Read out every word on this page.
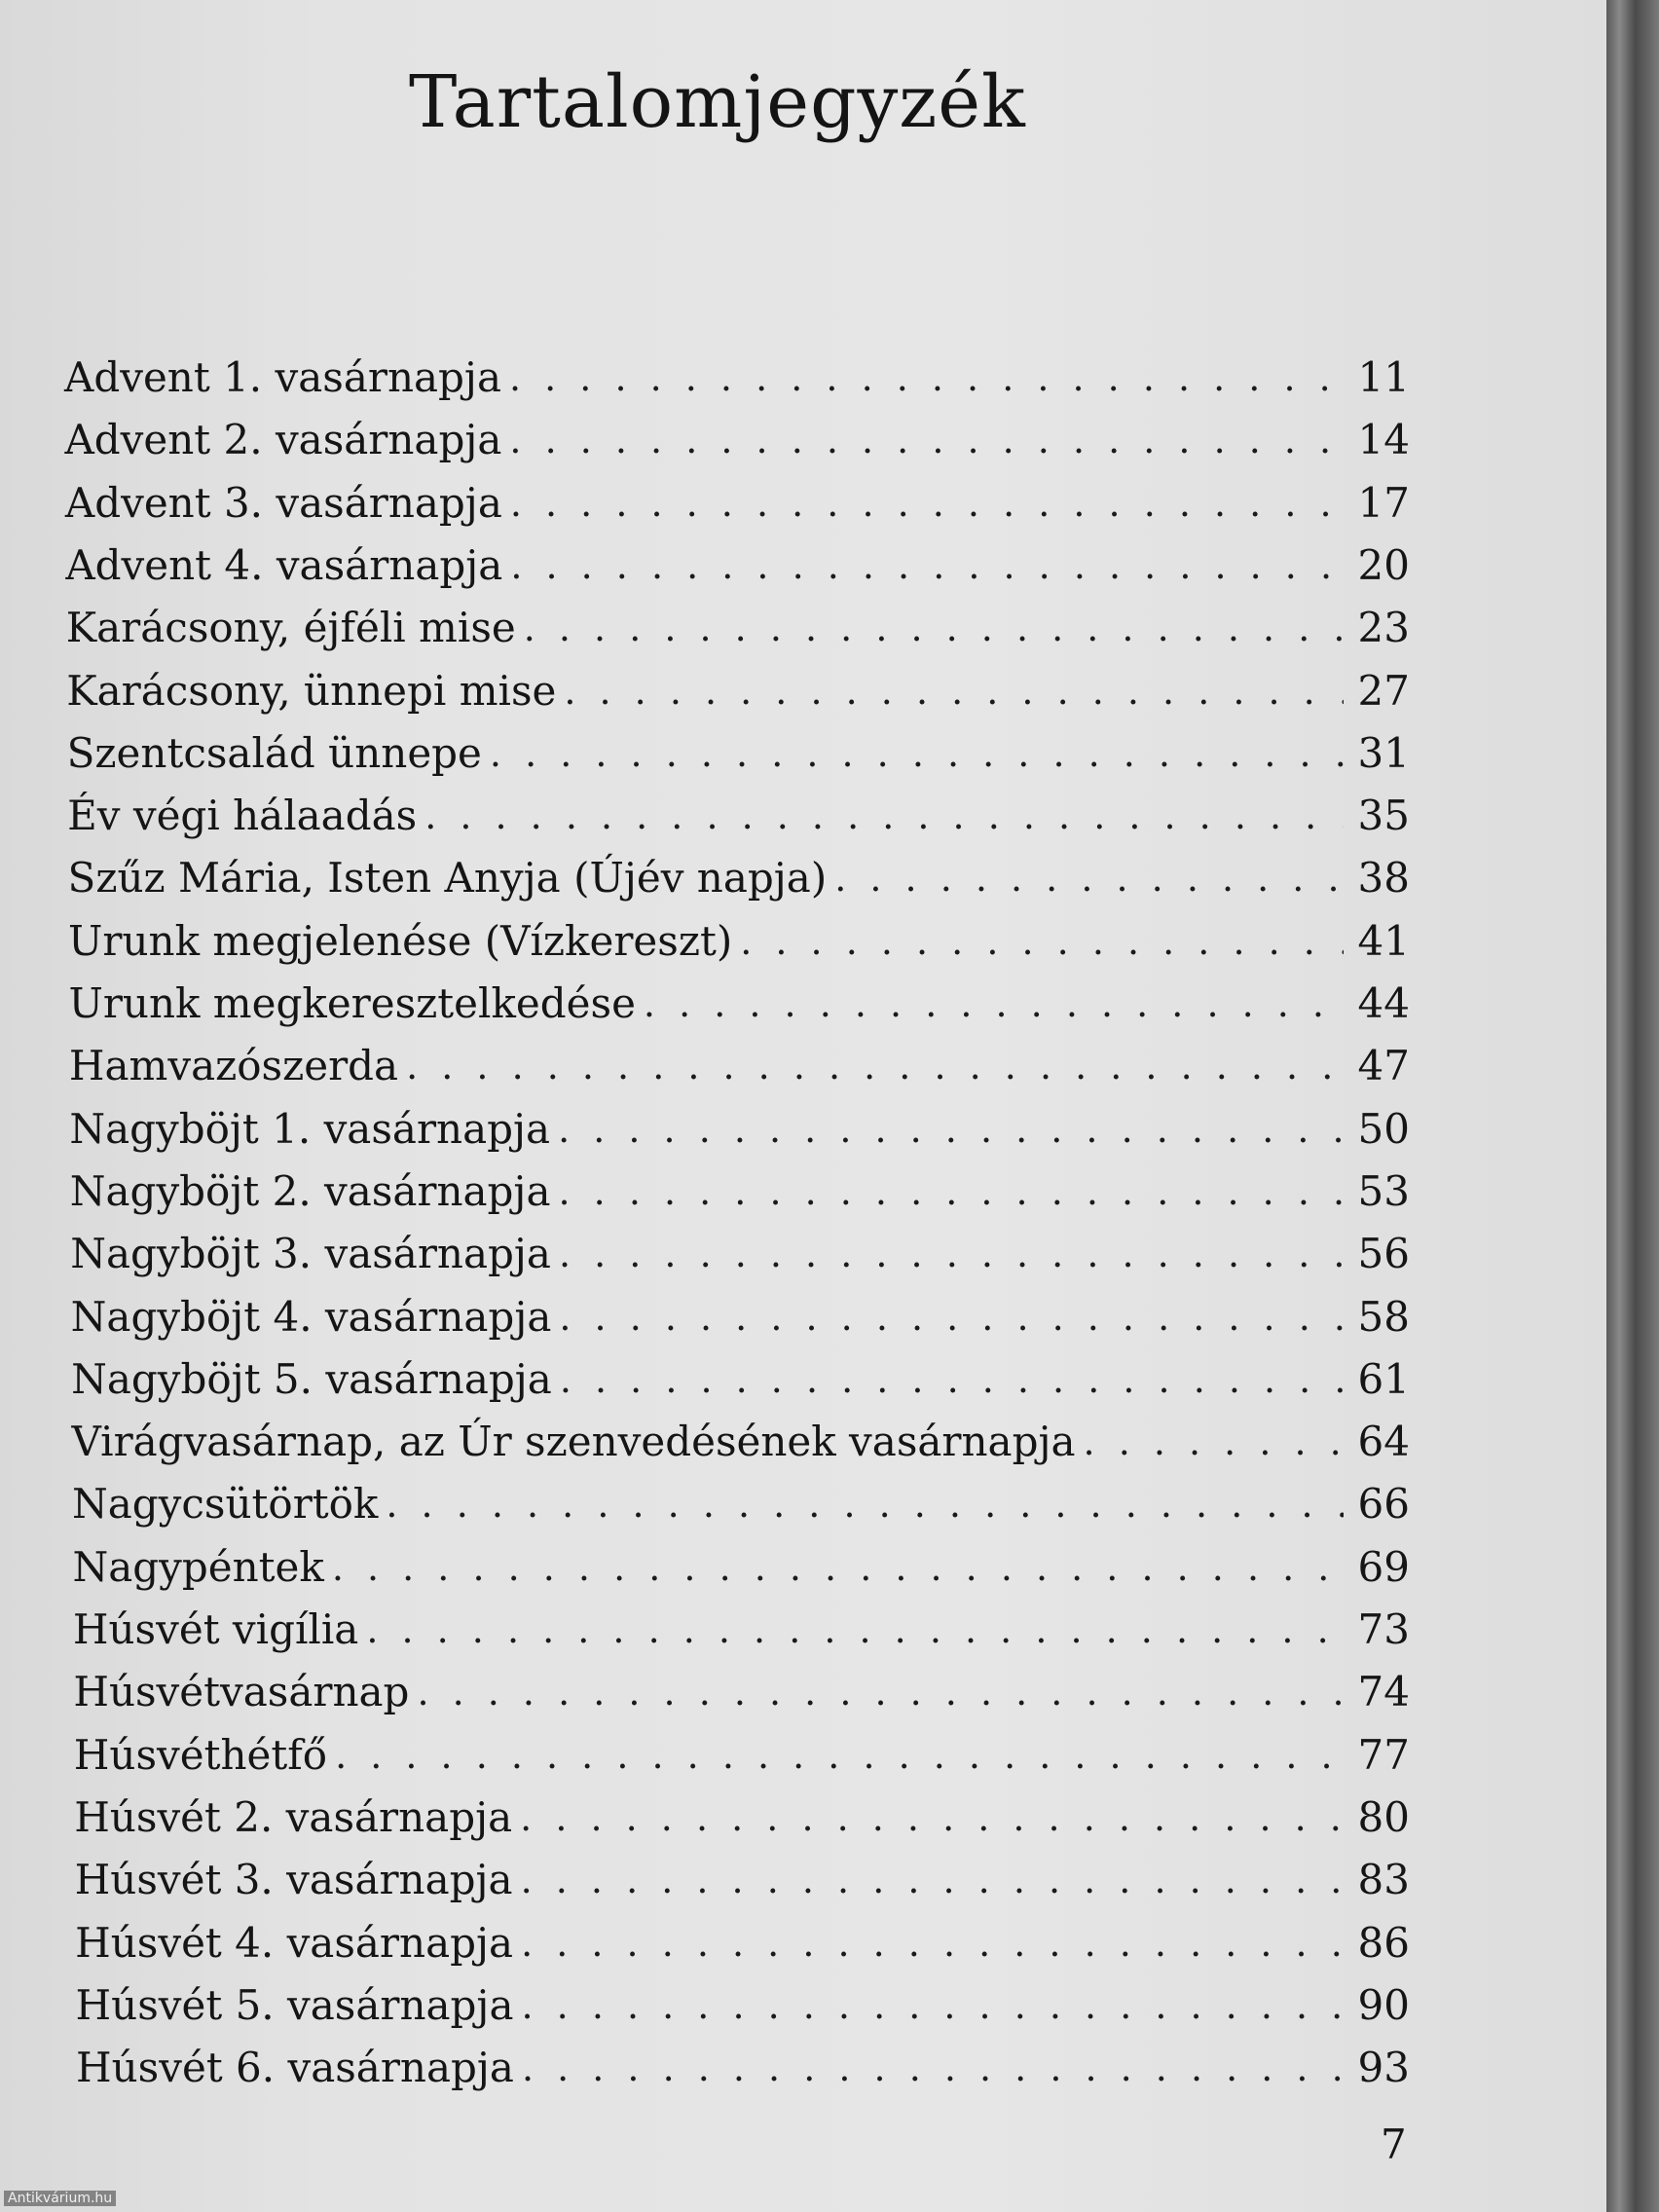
Tartalomjegyzék
Advent 1. vasárnapja . . .	11
Advent 2. vasárnapja . . .	14
Advent 3. vasárnapja . . .	17
Advent 4. vasárnapja . . .	20
Karácsony, éjféli mise . . .	23
Karácsony, ünnepi mise . . .	27
Szentcsalád ünnepe . . .	31
Év végi hálaadás . . .	35
Szűz Mária, Isten Anyja (Újév napja) . . .	38
Urunk megjelenése (Vízkereszt) . . .	41
Urunk megkeresztelkedése . . .	44
Hamvazószerda . . .	47
Nagyböjt 1. vasárnapja . . .	50
Nagyböjt 2. vasárnapja . . .	53
Nagyböjt 3. vasárnapja . . .	56
Nagyböjt 4. vasárnapja . . .	58
Nagyböjt 5. vasárnapja . . .	61
Virágvasárnap, az Úr szenvedésének vasárnapja . . .	64
Nagycsütörtök . . .	66
Nagypéntek . . .	69
Húsvét vigília . . .	73
Húsvétvasárnap . . .	74
Húsvéthétfő . . .	77
Húsvét 2. vasárnapja . . .	80
Húsvét 3. vasárnapja . . .	83
Húsvét 4. vasárnapja . . .	86
Húsvét 5. vasárnapja . . .	90
Húsvét 6. vasárnapja . . .	93

7

Antikvárium.hu
